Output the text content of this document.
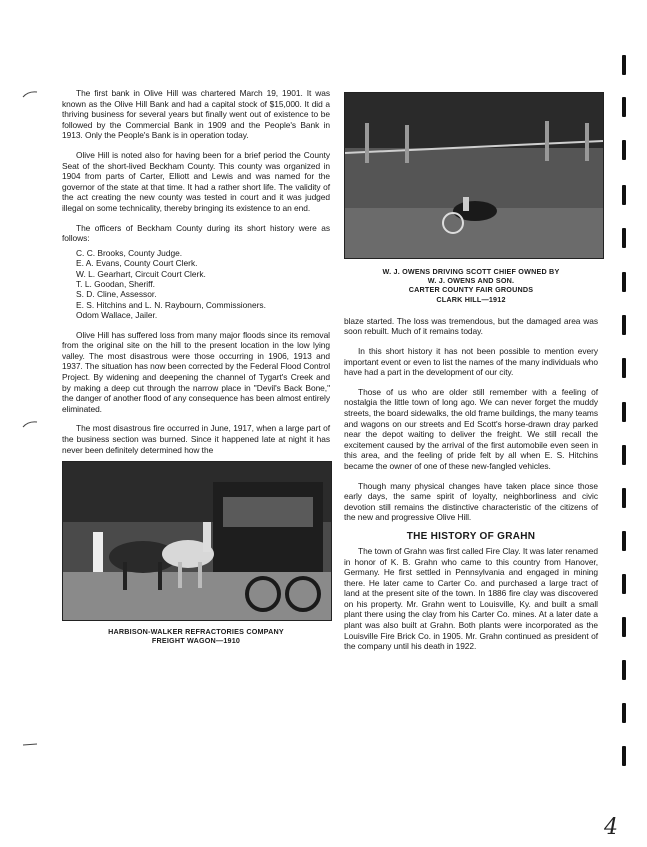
The first bank in Olive Hill was chartered March 19, 1901. It was known as the Olive Hill Bank and had a capital stock of $15,000. It did a thriving business for several years but finally went out of existence to be followed by the Commercial Bank in 1909 and the People's Bank in 1913. Only the People's Bank is in operation today.

Olive Hill is noted also for having been for a brief period the County Seat of the short-lived Beckham County. This county was organized in 1904 from parts of Carter, Elliott and Lewis and was named for the governor of the state at that time. It had a rather short life. The validity of the act creating the new county was tested in court and it was judged illegal on some technicality, thereby bringing its existence to an end.

The officers of Beckham County during its short history were as follows:

C. C. Brooks, County Judge.
E. A. Evans, County Court Clerk.
W. L. Gearhart, Circuit Court Clerk.
T. L. Goodan, Sheriff.
S. D. Cline, Assessor.
E. S. Hitchins and L. N. Raybourn, Commissioners.
Odom Wallace, Jailer.

Olive Hill has suffered loss from many major floods since its removal from the original site on the hill to the present location in the low lying valley. The most disastrous were those occurring in 1906, 1913 and 1937. The situation has now been corrected by the Federal Flood Control Project. By widening and deepening the channel of Tygart's Creek and by making a deep cut through the narrow place in "Devil's Back Bone," the danger of another flood of any consequence has been almost entirely eliminated.

The most disastrous fire occurred in June, 1917, when a large part of the business section was burned. Since it happened late at night it has never been definitely determined how the

HARBISON-WALKER REFRACTORIES COMPANY
FREIGHT WAGON—1910
W. J. OWENS DRIVING SCOTT CHIEF OWNED BY
W. J. OWENS AND SON.
CARTER COUNTY FAIR GROUNDS
CLARK HILL—1912

blaze started. The loss was tremendous, but the damaged area was soon rebuilt. Much of it remains today.

In this short history it has not been possible to mention every important event or even to list the names of the many individuals who have had a part in the development of our city.

Those of us who are older still remember with a feeling of nostalgia the little town of long ago. We can never forget the muddy streets, the board sidewalks, the old frame buildings, the many teams and wagons on our streets and Ed Scott's horse-drawn dray parked near the depot waiting to deliver the freight. We still recall the excitement caused by the arrival of the first automobile even seen in this area, and the feeling of pride felt by all when E. S. Hitchins became the owner of one of these new-fangled vehicles.

Though many physical changes have taken place since those early days, the same spirit of loyalty, neighborliness and civic devotion still remains the distinctive characteristic of the citizens of the new and progressive Olive Hill.

THE HISTORY OF GRAHN

The town of Grahn was first called Fire Clay. It was later renamed in honor of K. B. Grahn who came to this country from Hanover, Germany. He first settled in Pennsylvania and engaged in mining there. He later came to Carter Co. and purchased a large tract of land at the present site of the town. In 1886 fire clay was discovered on his property. Mr. Grahn went to Louisville, Ky. and built a small plant there using the clay from his Carter Co. mines. At a later date a plant was also built at Grahn. Both plants were incorporated as the Louisville Fire Brick Co. in 1905. Mr. Grahn continued as president of the company until his death in 1922.

4
